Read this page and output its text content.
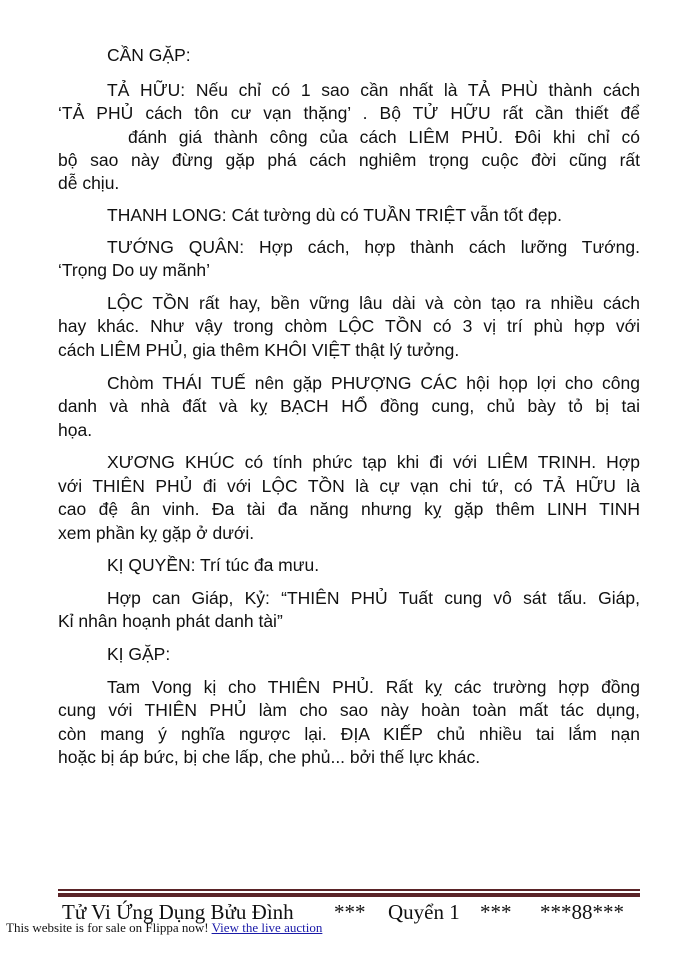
CẦN GẶP:
TẢ HỮU: Nếu chỉ có 1 sao cần nhất là TẢ PHÙ thành cách
‘TẢ PHỦ cách tôn cư vạn thặng’ . Bộ TỬ HỮU rất cần thiết để
đánh giá thành công của cách LIÊM PHỦ. Đôi khi chỉ có
bộ sao này đừng gặp phá cách nghiêm trọng cuộc đời cũng rất
dễ chịu.
THANH LONG: Cát tường dù có TUẦN TRIỆT vẫn tốt đẹp.
TƯỚNG QUÂN: Hợp cách, hợp thành cách lưỡng Tướng.
‘Trọng Do uy mãnh’
LỘC TỒN rất hay, bền vững lâu dài và còn tạo ra nhiều cách
hay khác. Như vậy trong chòm LỘC TỒN có 3 vị trí phù hợp với
cách LIÊM PHỦ, gia thêm KHÔI VIỆT thật lý tưởng.
Chòm THÁI TUẾ nên gặp PHƯỢNG CÁC hội họp lợi cho công
danh và nhà đất và kỵ BẠCH HỔ đồng cung, chủ bày tỏ bị tai
họa.
XƯƠNG KHÚC có tính phức tạp khi đi với LIÊM TRINH. Hợp
với THIÊN PHỦ đi với LỘC TỒN là cự vạn chi tứ, có TẢ HỮU là
cao đệ ân vinh. Đa tài đa năng nhưng kỵ gặp thêm LINH TINH
xem phần kỵ gặp ở dưới.
KỊ QUYỀN: Trí túc đa mưu.
Hợp can Giáp, Kỷ: “THIÊN PHỦ Tuất cung vô sát tấu. Giáp,
Kỉ nhân hoạnh phát danh tài”
KỊ GẶP:
Tam Vong kị cho THIÊN PHỦ. Rất kỵ các trường hợp đồng
cung với THIÊN PHỦ làm cho sao này hoàn toàn mất tác dụng,
còn mang ý nghĩa ngược lại. ĐỊA KIẾP chủ nhiều tai lắm nạn
hoặc bị áp bức, bị che lấp, che phủ... bởi thế lực khác.
Tử Vi Ứng Dụng Bửu Đình *** Quyển 1 *** ***88***
This website is for sale on Flippa now! View the live auction
